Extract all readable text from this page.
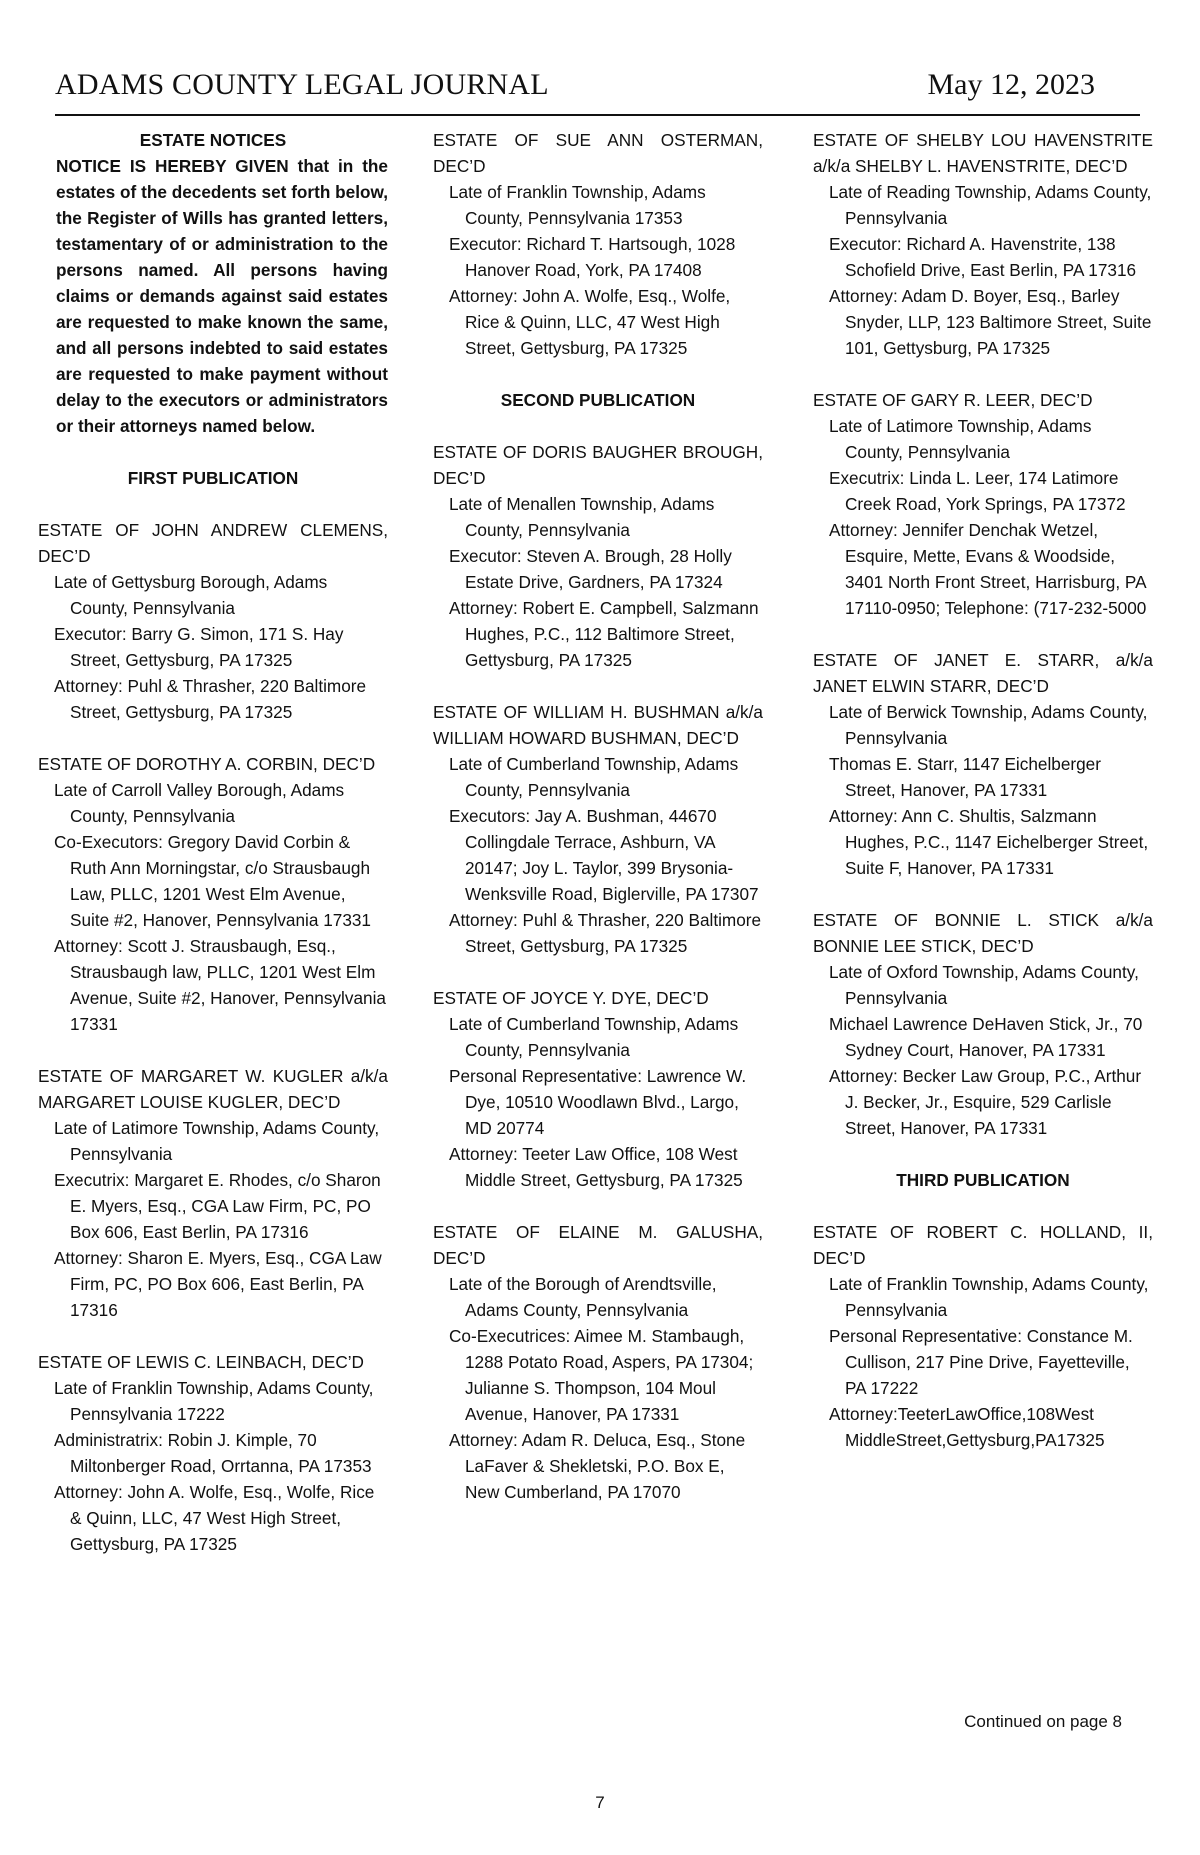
ADAMS COUNTY LEGAL JOURNAL	May 12, 2023
ESTATE NOTICES
NOTICE IS HEREBY GIVEN that in the estates of the decedents set forth below, the Register of Wills has granted letters, testamentary of or administration to the persons named. All persons having claims or demands against said estates are requested to make known the same, and all persons indebted to said estates are requested to make payment without delay to the executors or administrators or their attorneys named below.
FIRST PUBLICATION
ESTATE OF JOHN ANDREW CLEMENS, DEC’D
Late of Gettysburg Borough, Adams County, Pennsylvania
Executor: Barry G. Simon, 171 S. Hay Street, Gettysburg, PA 17325
Attorney: Puhl & Thrasher, 220 Baltimore Street, Gettysburg, PA 17325
ESTATE OF DOROTHY A. CORBIN, DEC’D
Late of Carroll Valley Borough, Adams County, Pennsylvania
Co-Executors: Gregory David Corbin & Ruth Ann Morningstar, c/o Strausbaugh Law, PLLC, 1201 West Elm Avenue, Suite #2, Hanover, Pennsylvania 17331
Attorney: Scott J. Strausbaugh, Esq., Strausbaugh law, PLLC, 1201 West Elm Avenue, Suite #2, Hanover, Pennsylvania 17331
ESTATE OF MARGARET W. KUGLER a/k/a MARGARET LOUISE KUGLER, DEC’D
Late of Latimore Township, Adams County, Pennsylvania
Executrix: Margaret E. Rhodes, c/o Sharon E. Myers, Esq., CGA Law Firm, PC, PO Box 606, East Berlin, PA 17316
Attorney: Sharon E. Myers, Esq., CGA Law Firm, PC, PO Box 606, East Berlin, PA 17316
ESTATE OF LEWIS C. LEINBACH, DEC’D
Late of Franklin Township, Adams County, Pennsylvania 17222
Administratrix: Robin J. Kimple, 70 Miltonberger Road, Orrtanna, PA 17353
Attorney: John A. Wolfe, Esq., Wolfe, Rice & Quinn, LLC, 47 West High Street, Gettysburg, PA 17325
ESTATE OF SUE ANN OSTERMAN, DEC’D
Late of Franklin Township, Adams County, Pennsylvania 17353
Executor: Richard T. Hartsough, 1028 Hanover Road, York, PA 17408
Attorney: John A. Wolfe, Esq., Wolfe, Rice & Quinn, LLC, 47 West High Street, Gettysburg, PA 17325
SECOND PUBLICATION
ESTATE OF DORIS BAUGHER BROUGH, DEC’D
Late of Menallen Township, Adams County, Pennsylvania
Executor: Steven A. Brough, 28 Holly Estate Drive, Gardners, PA 17324
Attorney: Robert E. Campbell, Salzmann Hughes, P.C., 112 Baltimore Street, Gettysburg, PA 17325
ESTATE OF WILLIAM H. BUSHMAN a/k/a WILLIAM HOWARD BUSHMAN, DEC’D
Late of Cumberland Township, Adams County, Pennsylvania
Executors: Jay A. Bushman, 44670 Collingdale Terrace, Ashburn, VA 20147; Joy L. Taylor, 399 Brysonia-Wenksville Road, Biglerville, PA 17307
Attorney: Puhl & Thrasher, 220 Baltimore Street, Gettysburg, PA 17325
ESTATE OF JOYCE Y. DYE, DEC’D
Late of Cumberland Township, Adams County, Pennsylvania
Personal Representative: Lawrence W. Dye, 10510 Woodlawn Blvd., Largo, MD 20774
Attorney: Teeter Law Office, 108 West Middle Street, Gettysburg, PA 17325
ESTATE OF ELAINE M. GALUSHA, DEC’D
Late of the Borough of Arendtsville, Adams County, Pennsylvania
Co-Executrices: Aimee M. Stambaugh, 1288 Potato Road, Aspers, PA 17304; Julianne S. Thompson, 104 Moul Avenue, Hanover, PA 17331
Attorney: Adam R. Deluca, Esq., Stone LaFaver & Shekletski, P.O. Box E, New Cumberland, PA 17070
ESTATE OF SHELBY LOU HAVENSTRITE a/k/a SHELBY L. HAVENSTRITE, DEC’D
Late of Reading Township, Adams County, Pennsylvania
Executor: Richard A. Havenstrite, 138 Schofield Drive, East Berlin, PA 17316
Attorney: Adam D. Boyer, Esq., Barley Snyder, LLP, 123 Baltimore Street, Suite 101, Gettysburg, PA 17325
ESTATE OF GARY R. LEER, DEC’D
Late of Latimore Township, Adams County, Pennsylvania
Executrix: Linda L. Leer, 174 Latimore Creek Road, York Springs, PA 17372
Attorney: Jennifer Denchak Wetzel, Esquire, Mette, Evans & Woodside, 3401 North Front Street, Harrisburg, PA 17110-0950; Telephone: (717-232-5000
ESTATE OF JANET E. STARR, a/k/a JANET ELWIN STARR, DEC’D
Late of Berwick Township, Adams County, Pennsylvania
Thomas E. Starr, 1147 Eichelberger Street, Hanover, PA 17331
Attorney: Ann C. Shultis, Salzmann Hughes, P.C., 1147 Eichelberger Street, Suite F, Hanover, PA 17331
ESTATE OF BONNIE L. STICK a/k/a BONNIE LEE STICK, DEC’D
Late of Oxford Township, Adams County, Pennsylvania
Michael Lawrence DeHaven Stick, Jr., 70 Sydney Court, Hanover, PA 17331
Attorney: Becker Law Group, P.C., Arthur J. Becker, Jr., Esquire, 529 Carlisle Street, Hanover, PA 17331
THIRD PUBLICATION
ESTATE OF ROBERT C. HOLLAND, II, DEC’D
Late of Franklin Township, Adams County, Pennsylvania
Personal Representative: Constance M. Cullison, 217 Pine Drive, Fayetteville, PA 17222
Attorney:TeeterLawOffice,108West MiddleStreet,Gettysburg,PA17325
Continued on page 8
7
